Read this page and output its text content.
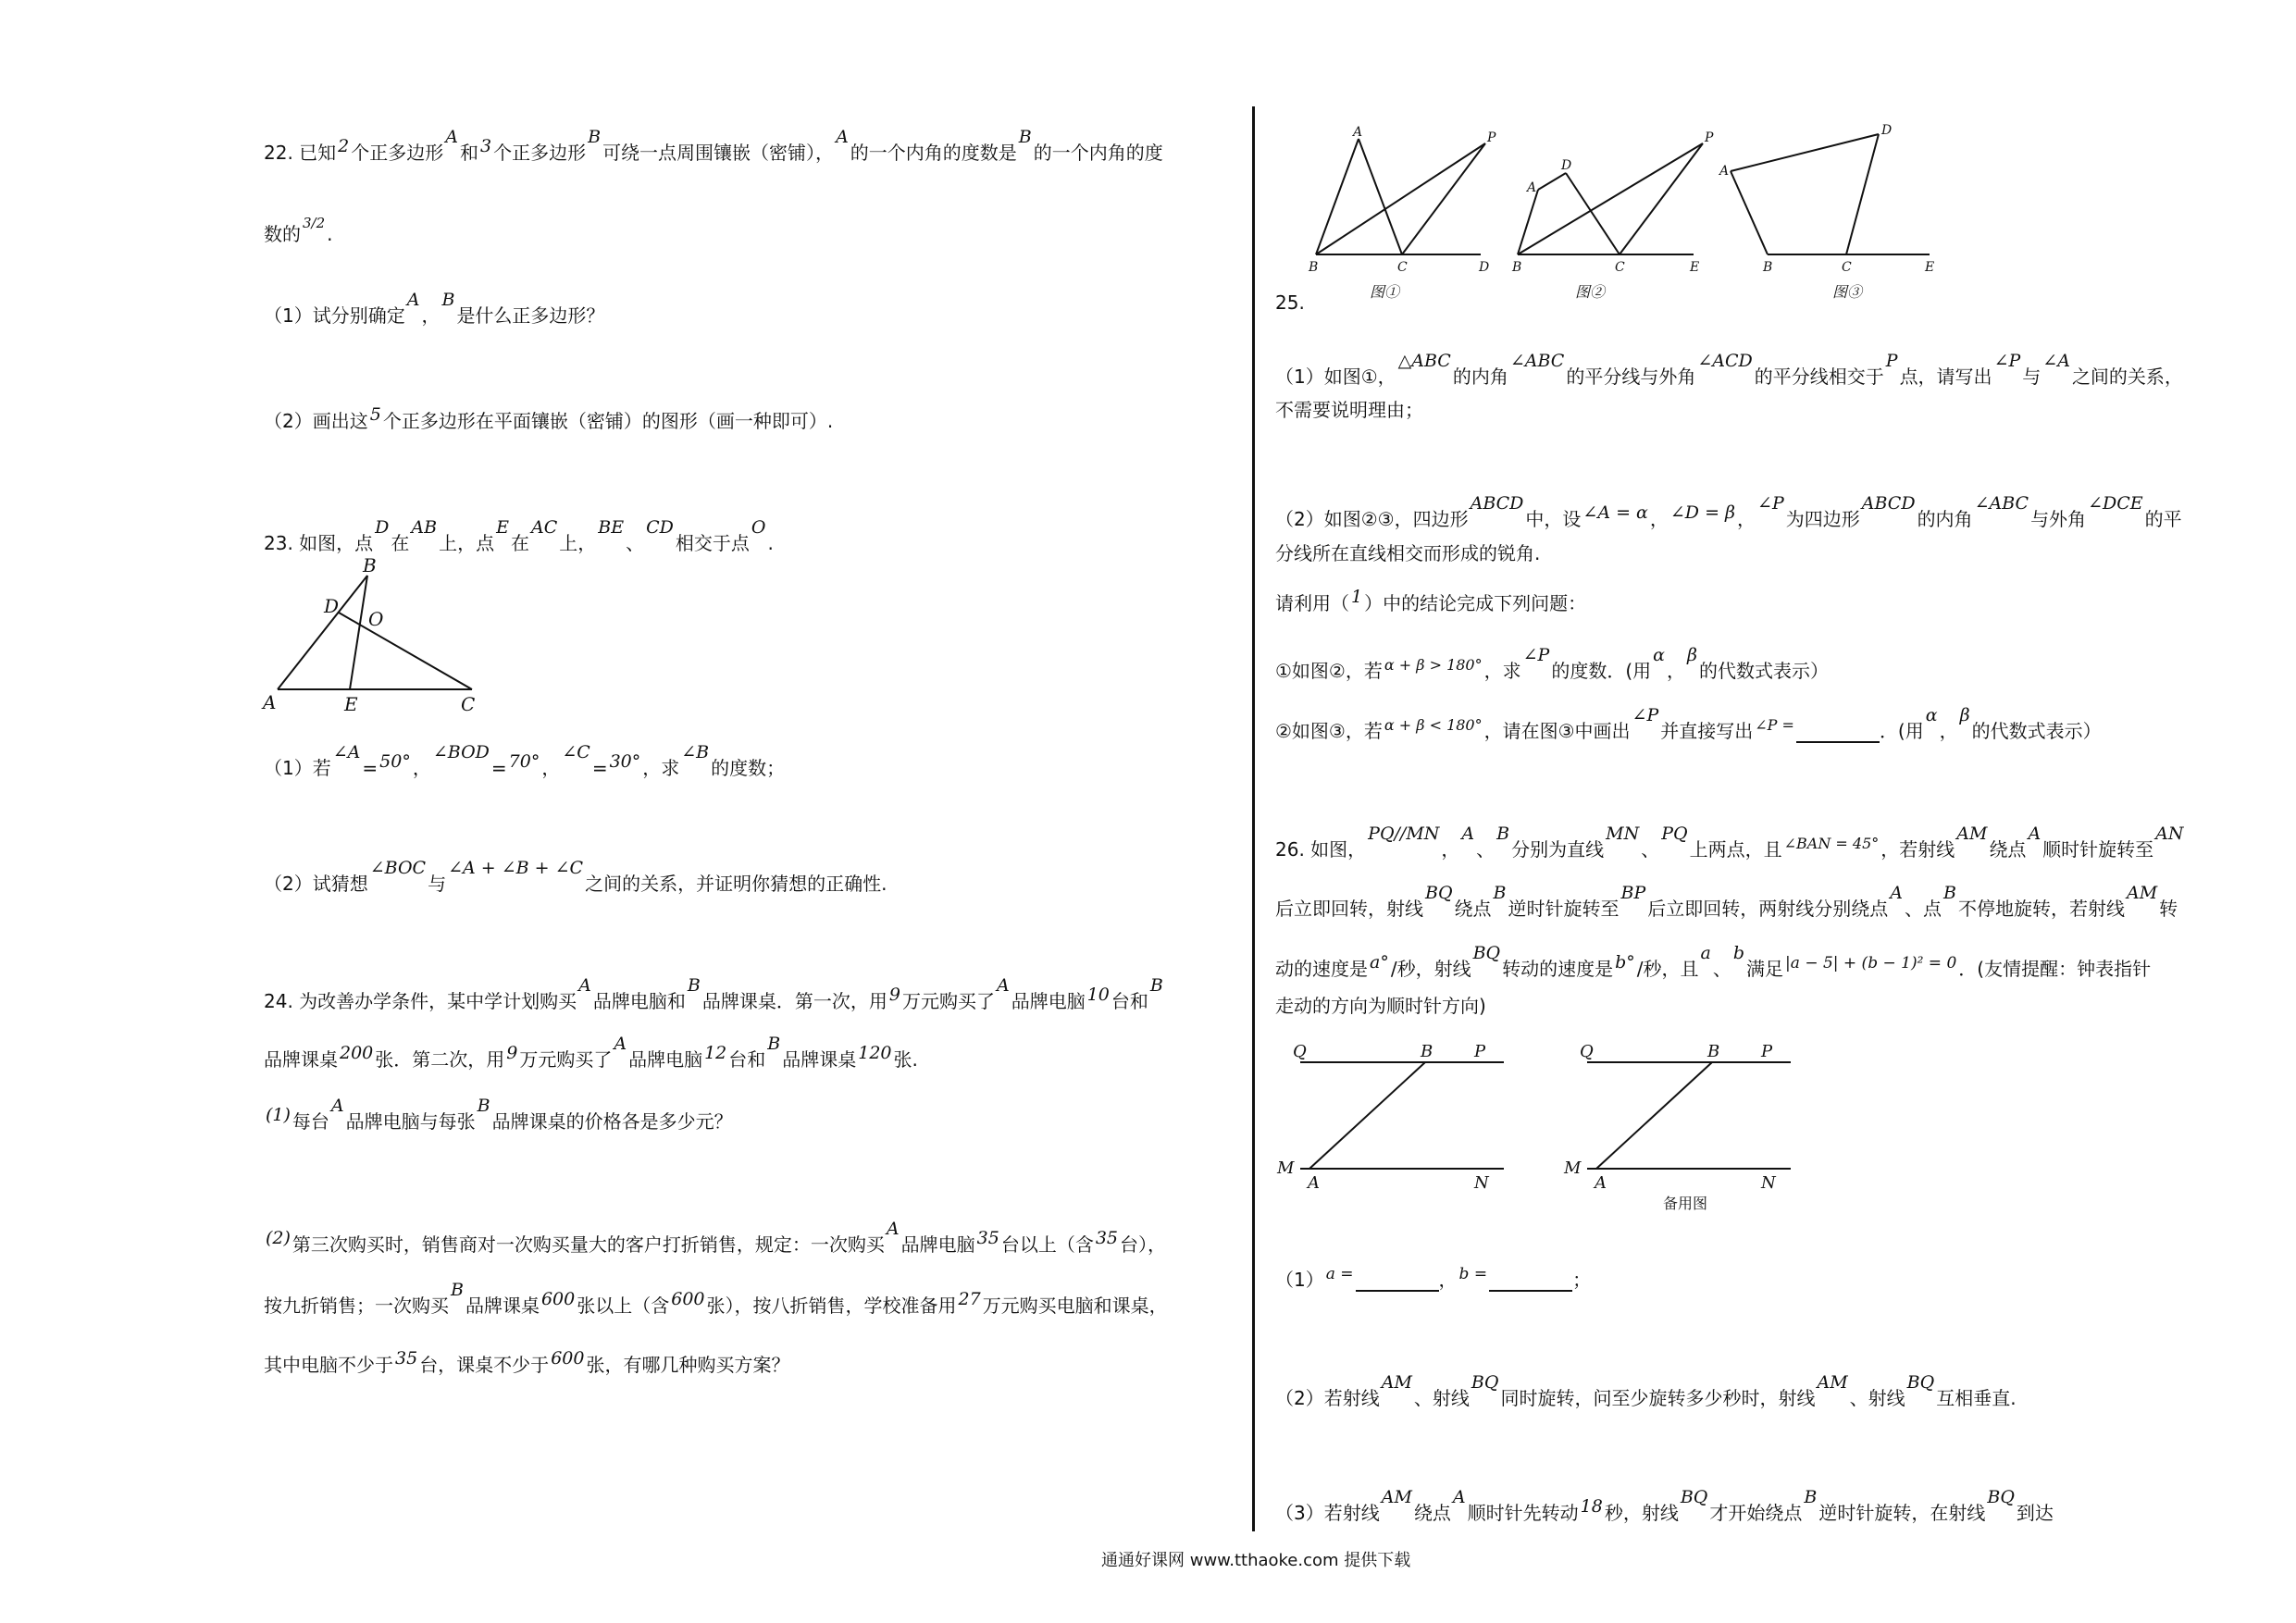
22. 已知 2 个正多边形A和 3 个正多边形B可绕一点周围镶嵌（密铺），A的一个内角的度数是B的一个内角的度
数的 $^{3/2}$ .
（1）试分别确定A，B是什么正多边形？
（2）画出这 5 个正多边形在平面镶嵌（密铺）的图形（画一种即可）.
23. 如图，点D在AB上，点E在AC上，BE、CD相交于点O.
B
D
O
A	E	C
（1）若∠A= 50° ，∠BOD= 70° ，∠C= 30° ，求∠B的度数；
（2）试猜想∠BOC与∠A + ∠B + ∠C之间的关系，并证明你猜想的正确性.
24. 为改善办学条件，某中学计划购买A品牌电脑和B品牌课桌．第一次，用 9 万元购买了A品牌电脑 10 台和B
品牌课桌 200 张．第二次，用 9 万元购买了A品牌电脑 12 台和B品牌课桌 120 张.
(1) 每台A品牌电脑与每张B品牌课桌的价格各是多少元？
(2) 第三次购买时，销售商对一次购买量大的客户打折销售，规定：一次购买A品牌电脑 35 台以上（含 35 台），
按九折销售；一次购买B品牌课桌 600 张以上（含 600 张），按八折销售，学校准备用 27 万元购买电脑和课桌，
其中电脑不少于 35 台，课桌不少于 600 张，有哪几种购买方案？
A	P
B	C	D
A
D
P
B	C	E
A
D
B	C	E
图①	图②	图③
25.
（1）如图①，△ABC的内角∠ABC的平分线与外角∠ACD的平分线相交于P点，请写出∠P与∠A之间的关系，
不需要说明理由；
（2）如图②③，四边形ABCD中，设 ∠A = α ， ∠D = β ，∠P为四边形ABCD的内角∠ABC与外角∠DCE的平
分线所在直线相交而形成的锐角.
请利用（ 1 ）中的结论完成下列问题：
①如图②，若 $^{\alpha + \beta > 180^\circ}$ ，求∠P的度数．(用α，β的代数式表示）
②如图③，若 $^{\alpha + \beta < 180^\circ}$ ，请在图③中画出∠P并直接写出 $^{\angle P =}$	．(用α，β的代数式表示）
26. 如图，PQ//MN，A、B分别为直线MN、PQ上两点，且 $^{\angle BAN = 45^\circ}$ ，若射线AM绕点A顺时针旋转至AN
后立即回转，射线BQ绕点B逆时针旋转至BP后立即回转，两射线分别绕点A、点B不停地旋转，若射线AM转
动的速度是 a° /秒，射线BQ转动的速度是 b° /秒，且a、b满足 $^{|a - 5| + (b - 1)^2 = 0}$ ．(友情提醒：钟表指针
走动的方向为顺时针方向)
Q	B P
M
A	N
Q	B P
M
A	N
备用图
（1） $^{a =}$	， $^{b =}$	；
（2）若射线AM、射线BQ同时旋转，问至少旋转多少秒时，射线AM、射线BQ互相垂直.
（3）若射线AM绕点A顺时针先转动 18 秒，射线BQ才开始绕点B逆时针旋转，在射线BQ到达
通通好课网 www.tthaoke.com 提供下载
